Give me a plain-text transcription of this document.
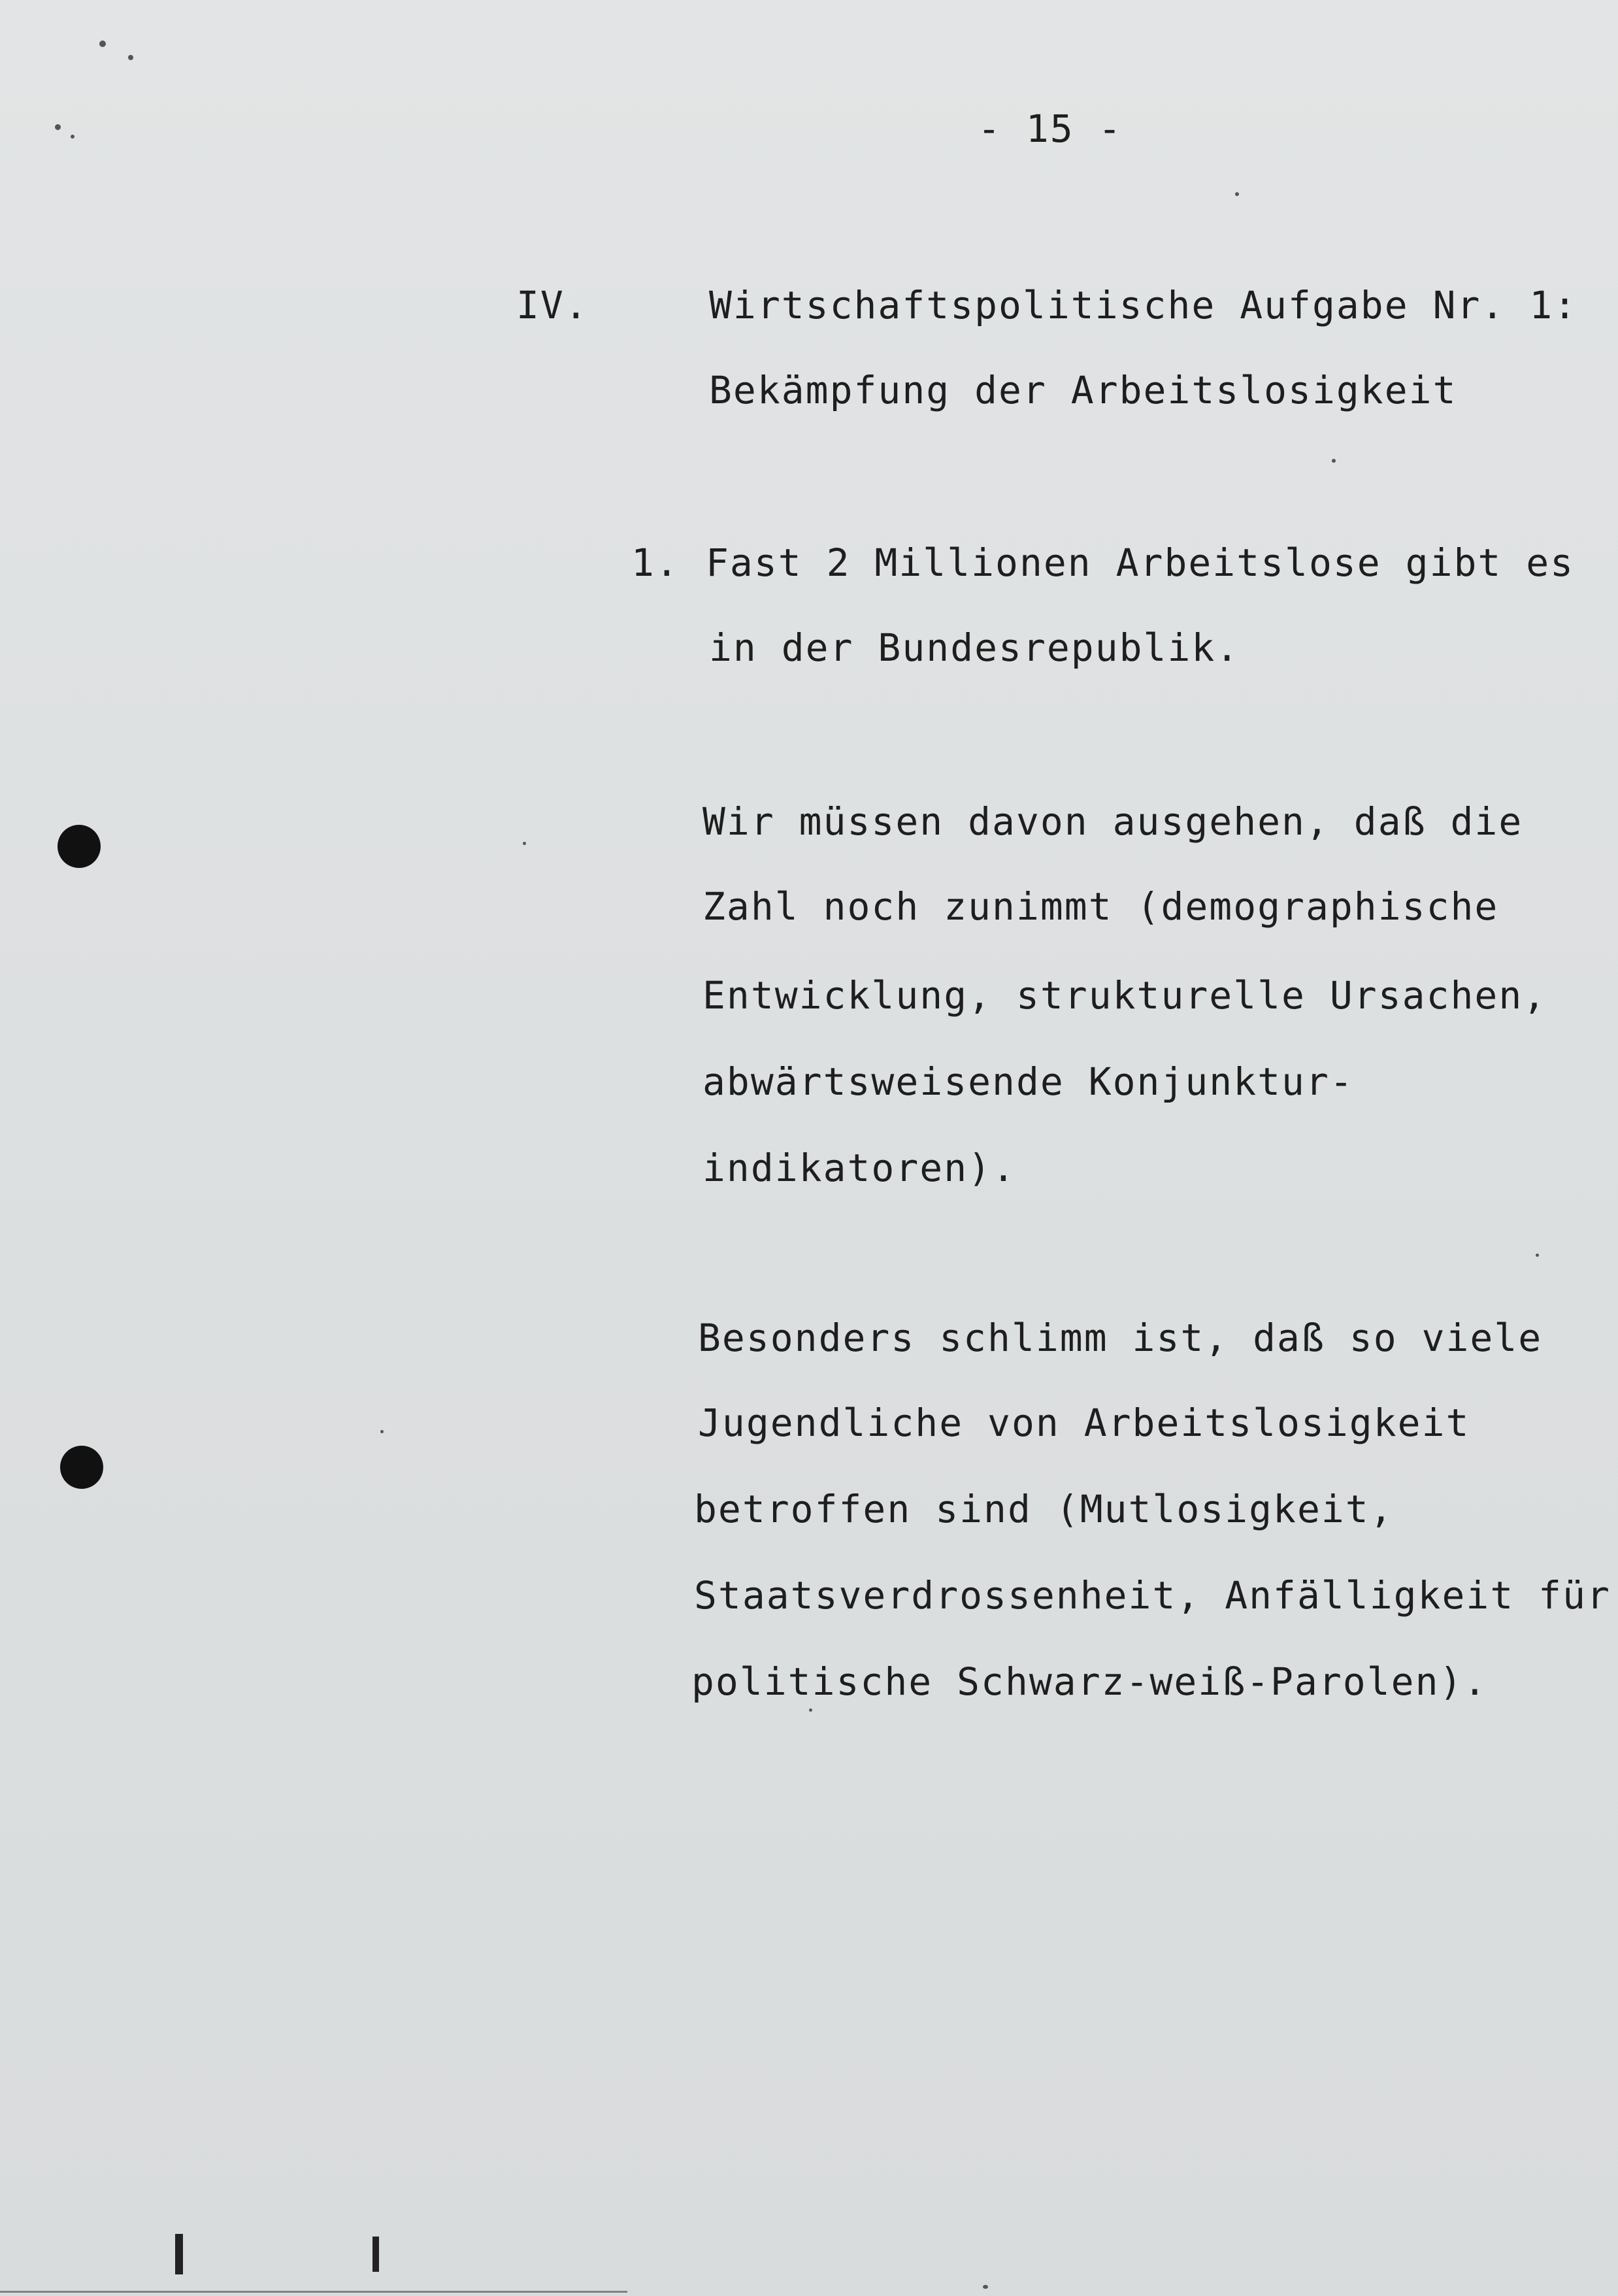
- 15 -
IV.	Wirtschaftspolitische Aufgabe Nr. 1:
Bekämpfung der Arbeitslosigkeit
1. Fast 2 Millionen Arbeitslose gibt es
in der Bundesrepublik.
Wir müssen davon ausgehen, daß die
Zahl noch zunimmt (demographische
Entwicklung, strukturelle Ursachen,
abwärtsweisende Konjunktur-
indikatoren).
Besonders schlimm ist, daß so viele
Jugendliche von Arbeitslosigkeit
betroffen sind (Mutlosigkeit,
Staatsverdrossenheit, Anfälligkeit für
politische Schwarz-weiß-Parolen).
